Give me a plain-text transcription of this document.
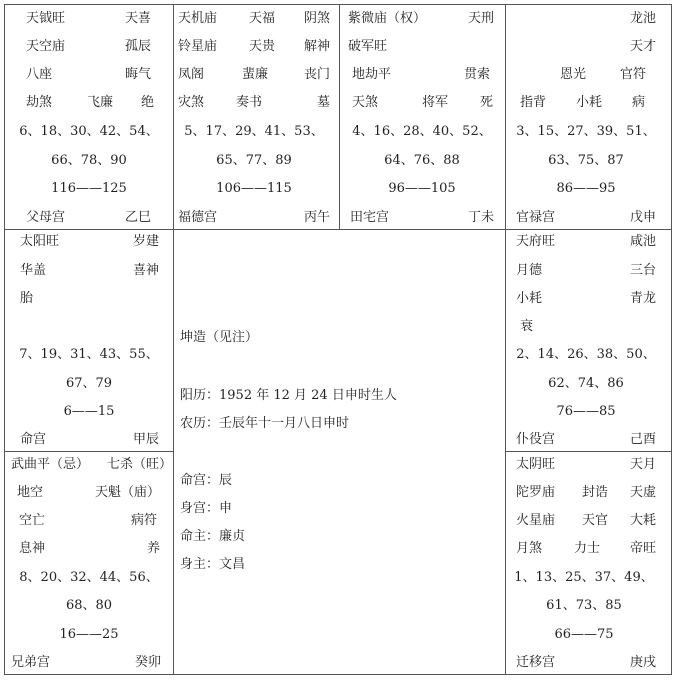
天钺旺	天喜
天空庙	孤辰
八座	晦气
劫煞	飞廉 绝
6、18、30、42、54、
66、78、90
116——125
父母宫	乙巳
天机庙 天福 阴煞
铃星庙 天贵 解神
凤阁	蜚廉	丧门
灾煞 奏书	墓
5、17、29、41、53、
65、77、89
106——115
福德宫	丙午
紫微庙（权）	天刑
破军旺
地劫平	贯索
天煞	将军 死
4、16、28、40、52、
64、76、88
96——105
田宅宫	丁未
龙池
天才
恩光	官符
指背 小耗 病
3、15、27、39、51、
63、75、87
86——95
官禄宫	戊申
太阳旺	岁建
华盖	喜神
胎
7、19、31、43、55、
67、79
6——15
命宫	甲辰
天府旺	咸池
月德	三台
小耗	青龙
衰
2、14、26、38、50、
62、74、86
76——85
仆役宫	己酉
武曲平（忌） 七杀（旺）
地空	天魁（庙）
空亡	病符
息神	养
8、20、32、44、56、
68、80
16——25
兄弟宫	癸卯
太阴旺	天月
陀罗庙 封诰 天虚
火星庙 天官 大耗
月煞 力士 帝旺
1、13、25、37、49、
61、73、85
66——75
迁移宫	庚戌
坤造（见注）
阳历：1952 年 12 月 24 日申时生人
农历：壬辰年十一月八日申时
命宫：辰
身宫：申
命主：廉贞
身主：文昌
